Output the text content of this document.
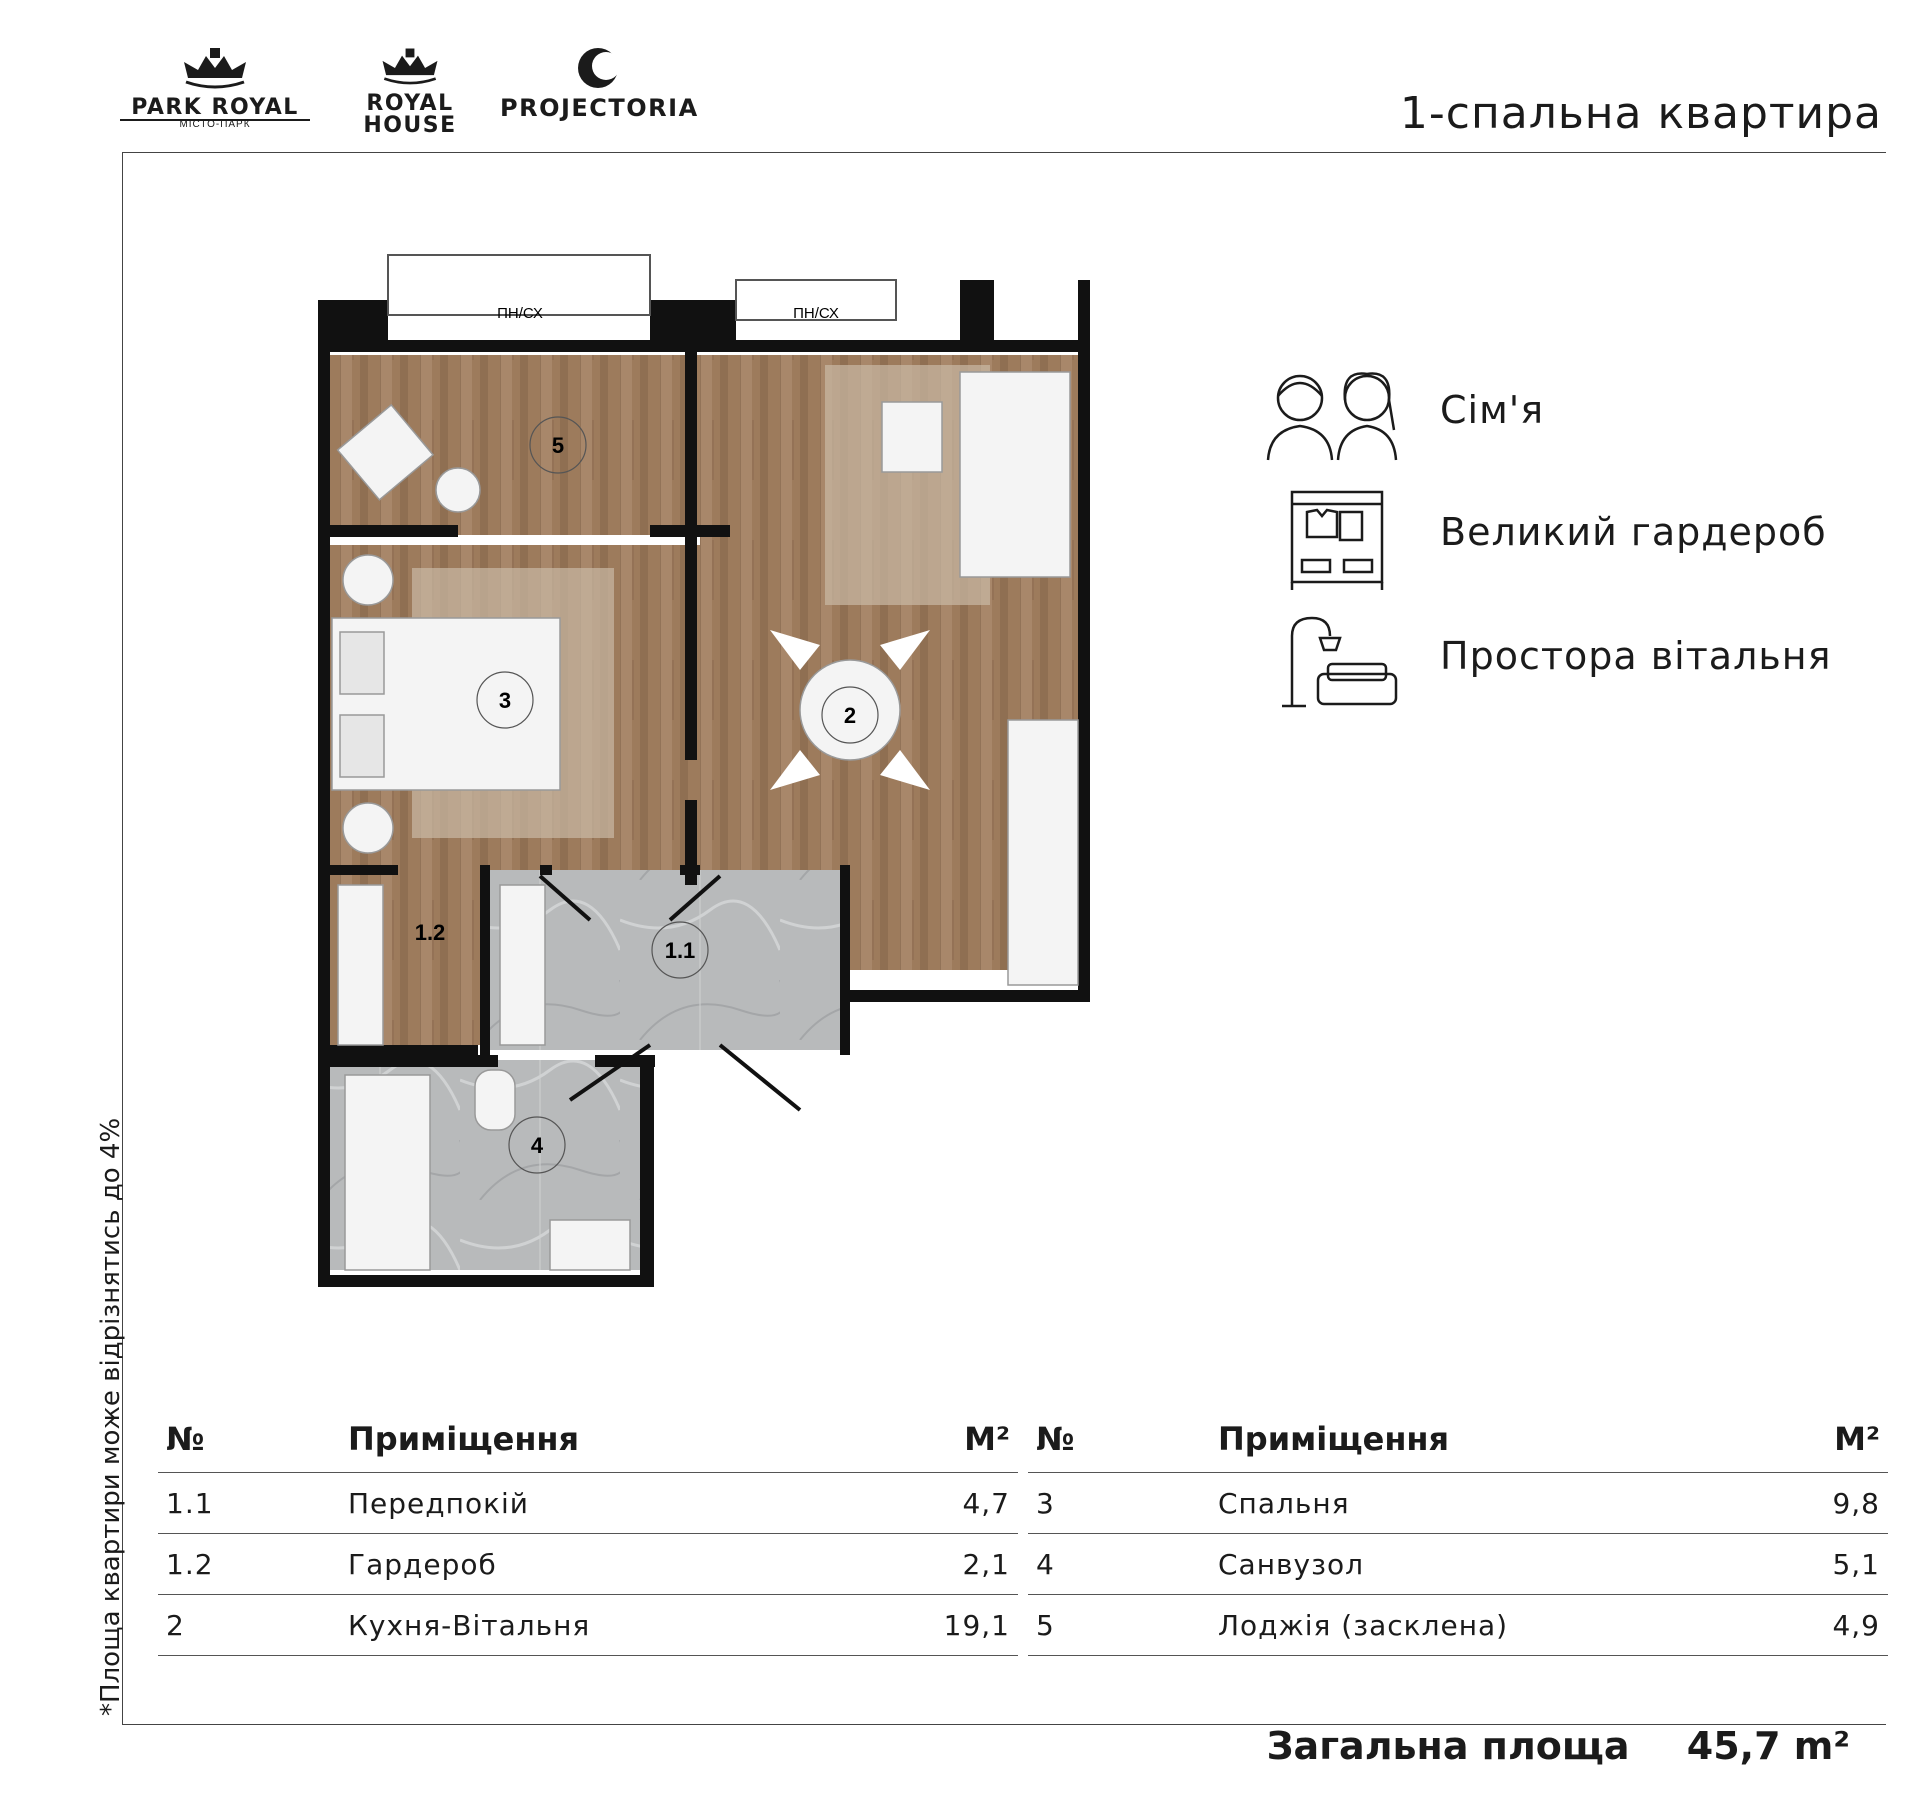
PARK ROYAL
МІСТО-ПАРК
ROYAL HOUSE
PROJECTORIA	1-спальна квартира
*Площа квартири може відрізнятись до 4%
ПН/СХ	ПН/СХ
5
3
2
1.2
1.1
4
Сім'я
Великий гардероб
Простора вітальня
№	Приміщення	М²
1.1	Передпокій	4,7
1.2	Гардероб	2,1
2	Кухня-Вітальня	19,1
№	Приміщення	М²
3	Спальня	9,8
4	Санвузол	5,1
5	Лоджія (засклена)	4,9
Загальна площа 45,7 m²
